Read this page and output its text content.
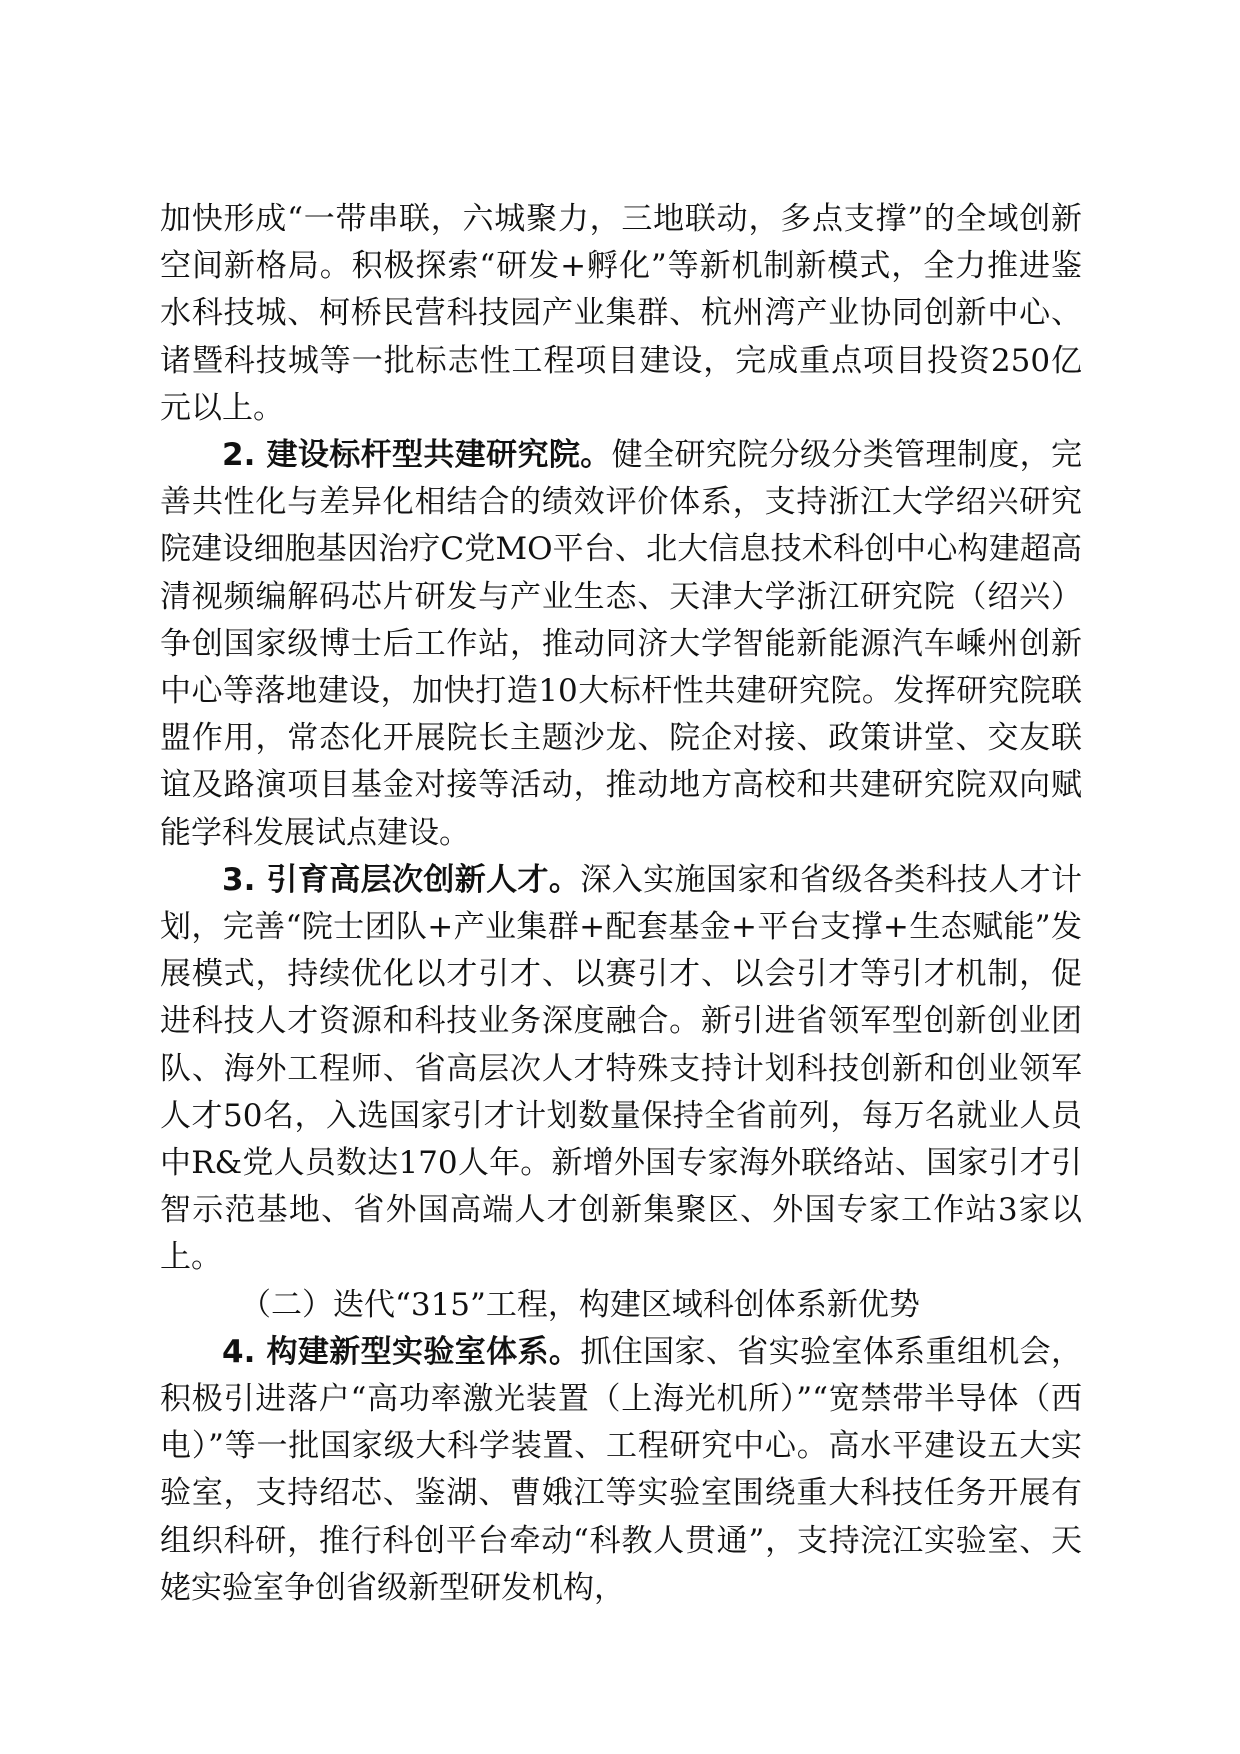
加快形成“一带串联，六城聚力，三地联动，多点支撑”的全域创新空间新格局。积极探索“研发+孵化”等新机制新模式，全力推进鉴水科技城、柯桥民营科技园产业集群、杭州湾产业协同创新中心、诸暨科技城等一批标志性工程项目建设，完成重点项目投资250亿元以上。

2. 建设标杆型共建研究院。健全研究院分级分类管理制度，完善共性化与差异化相结合的绩效评价体系，支持浙江大学绍兴研究院建设细胞基因治疗C党MO平台、北大信息技术科创中心构建超高清视频编解码芯片研发与产业生态、天津大学浙江研究院（绍兴）争创国家级博士后工作站，推动同济大学智能新能源汽车嵊州创新中心等落地建设，加快打造10大标杆性共建研究院。发挥研究院联盟作用，常态化开展院长主题沙龙、院企对接、政策讲堂、交友联谊及路演项目基金对接等活动，推动地方高校和共建研究院双向赋能学科发展试点建设。

3. 引育高层次创新人才。深入实施国家和省级各类科技人才计划，完善“院士团队+产业集群+配套基金+平台支撑+生态赋能”发展模式，持续优化以才引才、以赛引才、以会引才等引才机制，促进科技人才资源和科技业务深度融合。新引进省领军型创新创业团队、海外工程师、省高层次人才特殊支持计划科技创新和创业领军人才50名，入选国家引才计划数量保持全省前列，每万名就业人员中R&党人员数达170人年。新增外国专家海外联络站、国家引才引智示范基地、省外国高端人才创新集聚区、外国专家工作站3家以上。

（二）迭代“315”工程，构建区域科创体系新优势

4. 构建新型实验室体系。抓住国家、省实验室体系重组机会，积极引进落户“高功率激光装置（上海光机所）”“宽禁带半导体（西电）”等一批国家级大科学装置、工程研究中心。高水平建设五大实验室，支持绍芯、鉴湖、曹娥江等实验室围绕重大科技任务开展有组织科研，推行科创平台牵动“科教人贯通”，支持浣江实验室、天姥实验室争创省级新型研发机构，
